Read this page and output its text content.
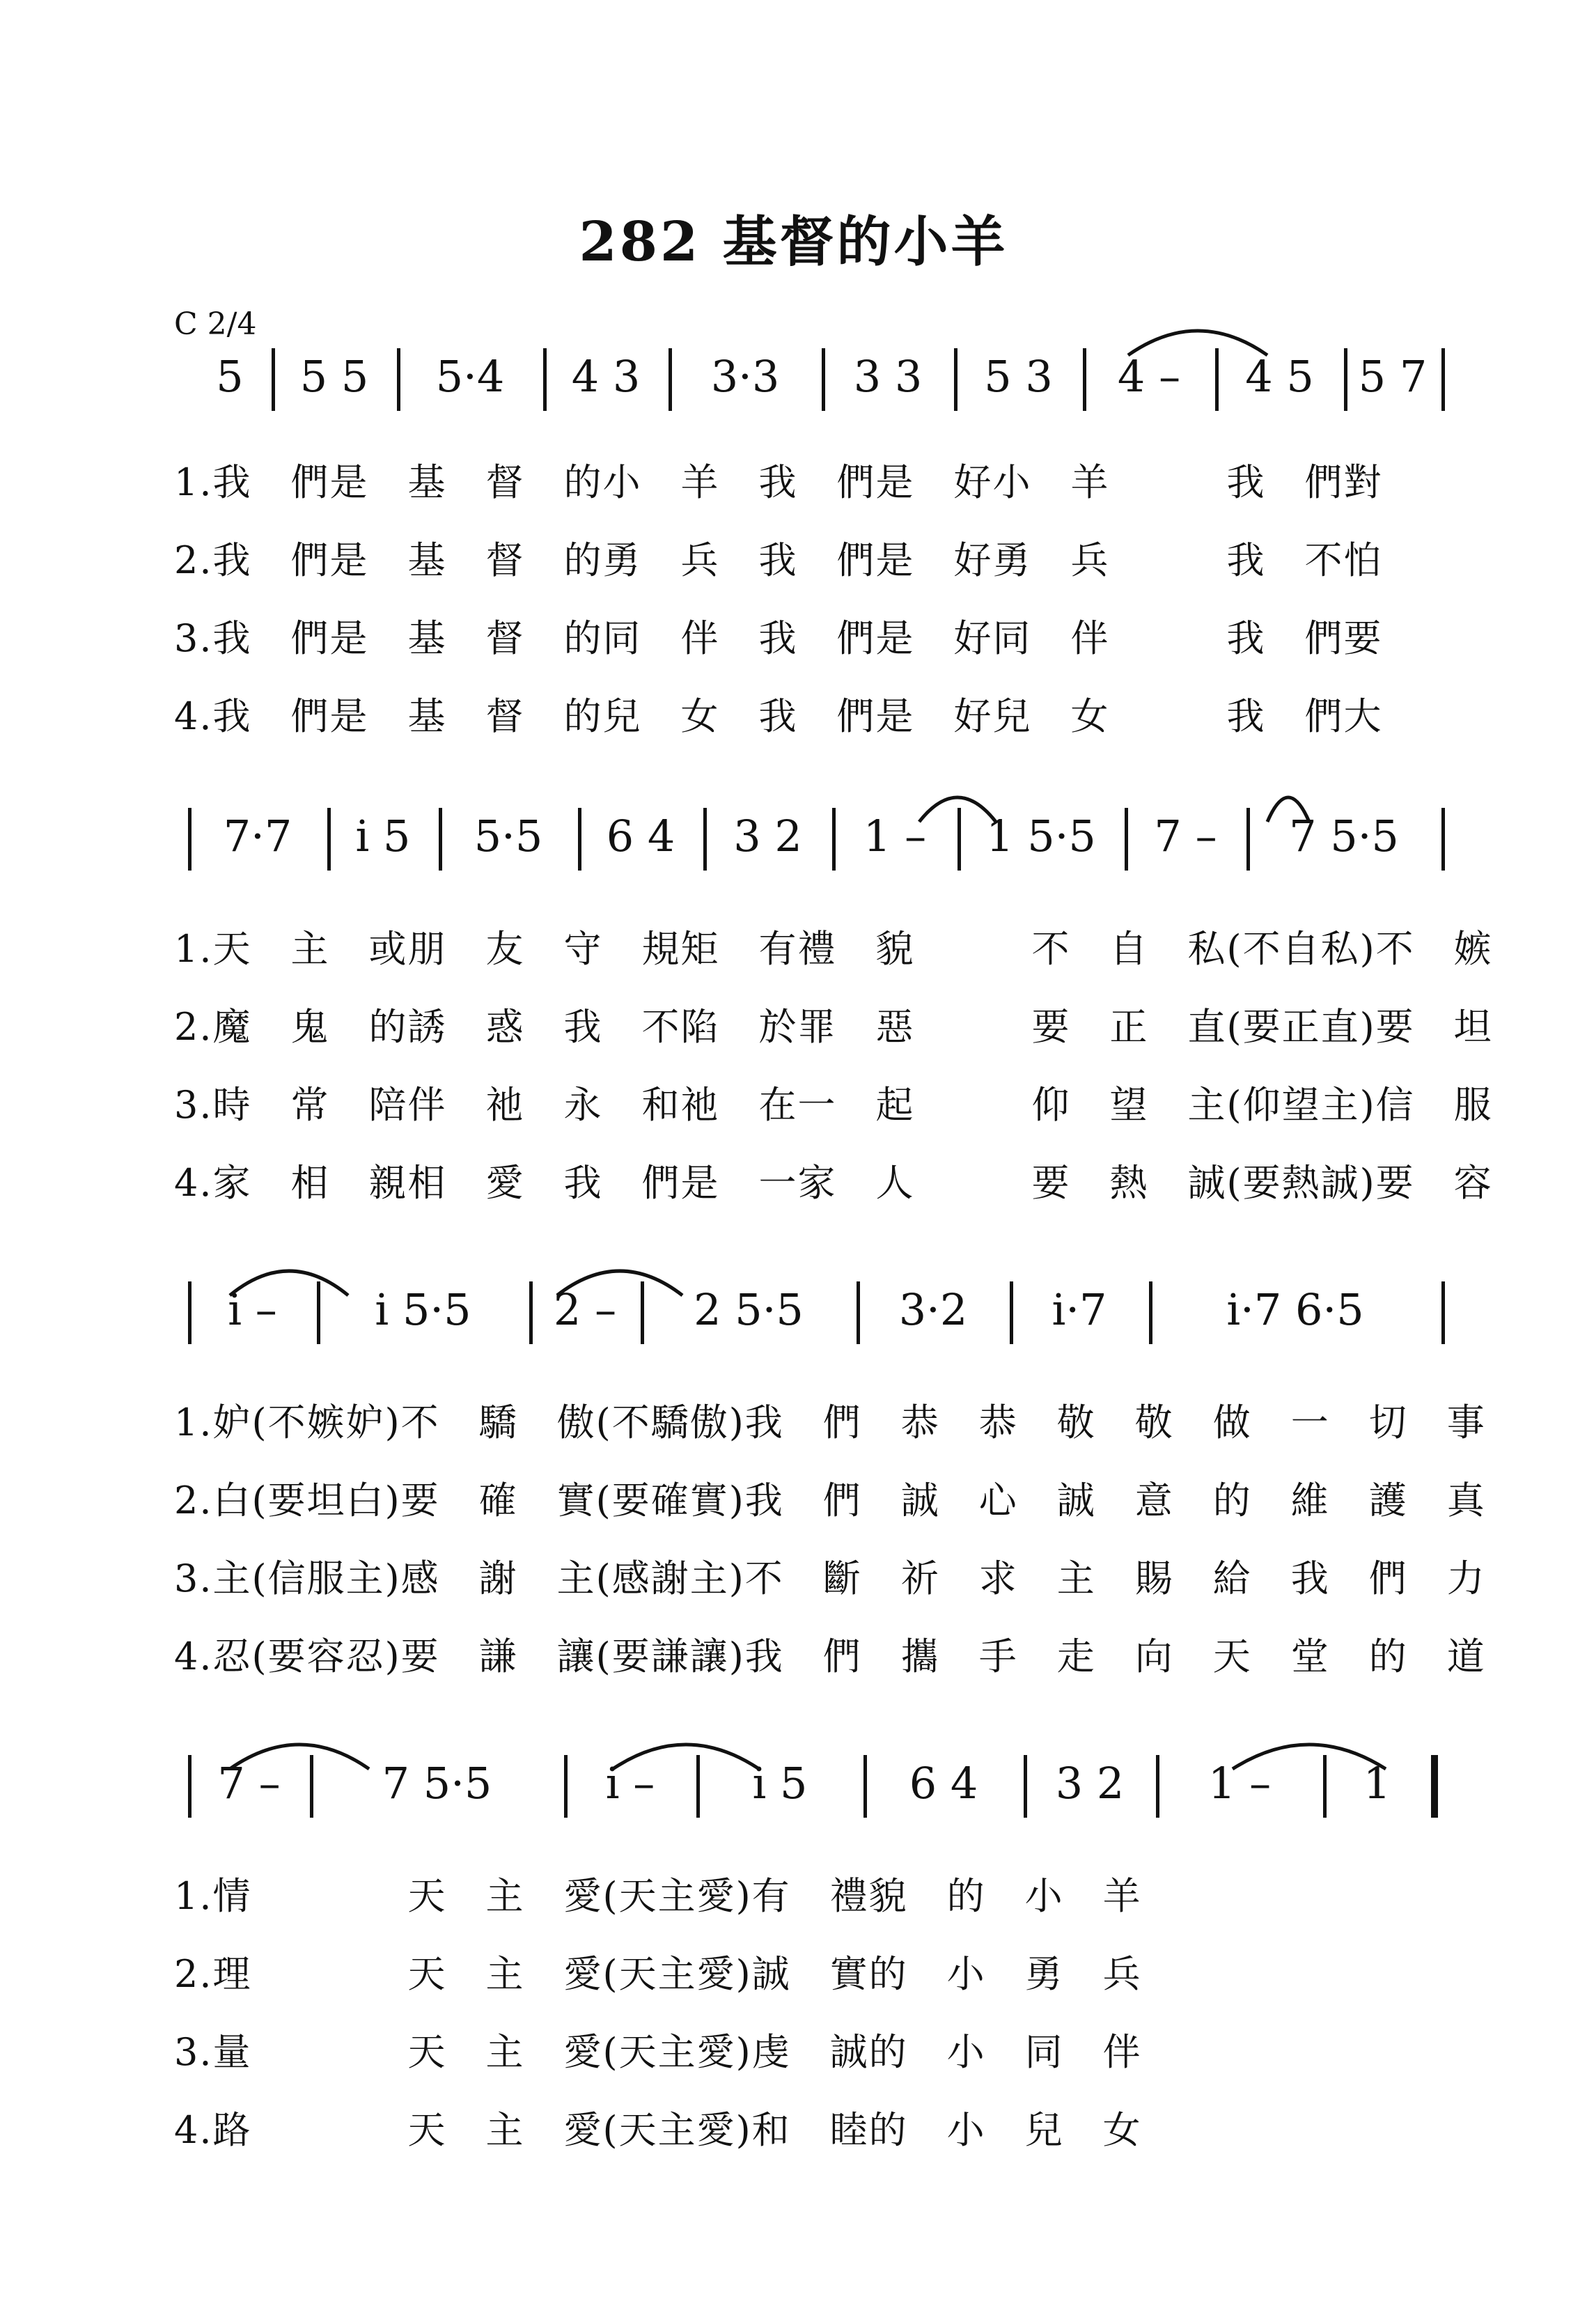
282 基督的小羊
C 2/4
5	5 5	5·4	4 3	3·3	3 3	5 3	4 –	4 5	5 7
1.我　們是　基　督　的小　羊　我　們是　好小　羊　　　我　們對
2.我　們是　基　督　的勇　兵　我　們是　好勇　兵　　　我　不怕
3.我　們是　基　督　的同　伴　我　們是　好同　伴　　　我　們要
4.我　們是　基　督　的兒　女　我　們是　好兒　女　　　我　們大
7·7	i 5	5·5	6 4	3 2	1 –	1 5·5	7 –	7 5·5
1.天　主　或朋　友　守　規矩　有禮　貌　　　不　自　私(不自私)不　嫉
2.魔　鬼　的誘　惑　我　不陷　於罪　惡　　　要　正　直(要正直)要　坦
3.時　常　陪伴　祂　永　和祂　在一　起　　　仰　望　主(仰望主)信　服
4.家　相　親相　愛　我　們是　一家　人　　　要　熱　誠(要熱誠)要　容
i –	i 5·5	2 –	2 5·5	3·2	i·7	i·7 6·5
1.妒(不嫉妒)不　驕　傲(不驕傲)我　們　恭　恭　敬　敬　做　一　切　事
2.白(要坦白)要　確　實(要確實)我　們　誠　心　誠　意　的　維　護　真
3.主(信服主)感　謝　主(感謝主)不　斷　祈　求　主　賜　給　我　們　力
4.忍(要容忍)要　謙　讓(要謙讓)我　們　攜　手　走　向　天　堂　的　道
7 –	7 5·5	i –	i 5	6 4	3 2	1 –	1
1.情　　　　天　主　愛(天主愛)有　禮貌　的　小　羊
2.理　　　　天　主　愛(天主愛)誠　實的　小　勇　兵
3.量　　　　天　主　愛(天主愛)虔　誠的　小　同　伴
4.路　　　　天　主　愛(天主愛)和　睦的　小　兒　女
